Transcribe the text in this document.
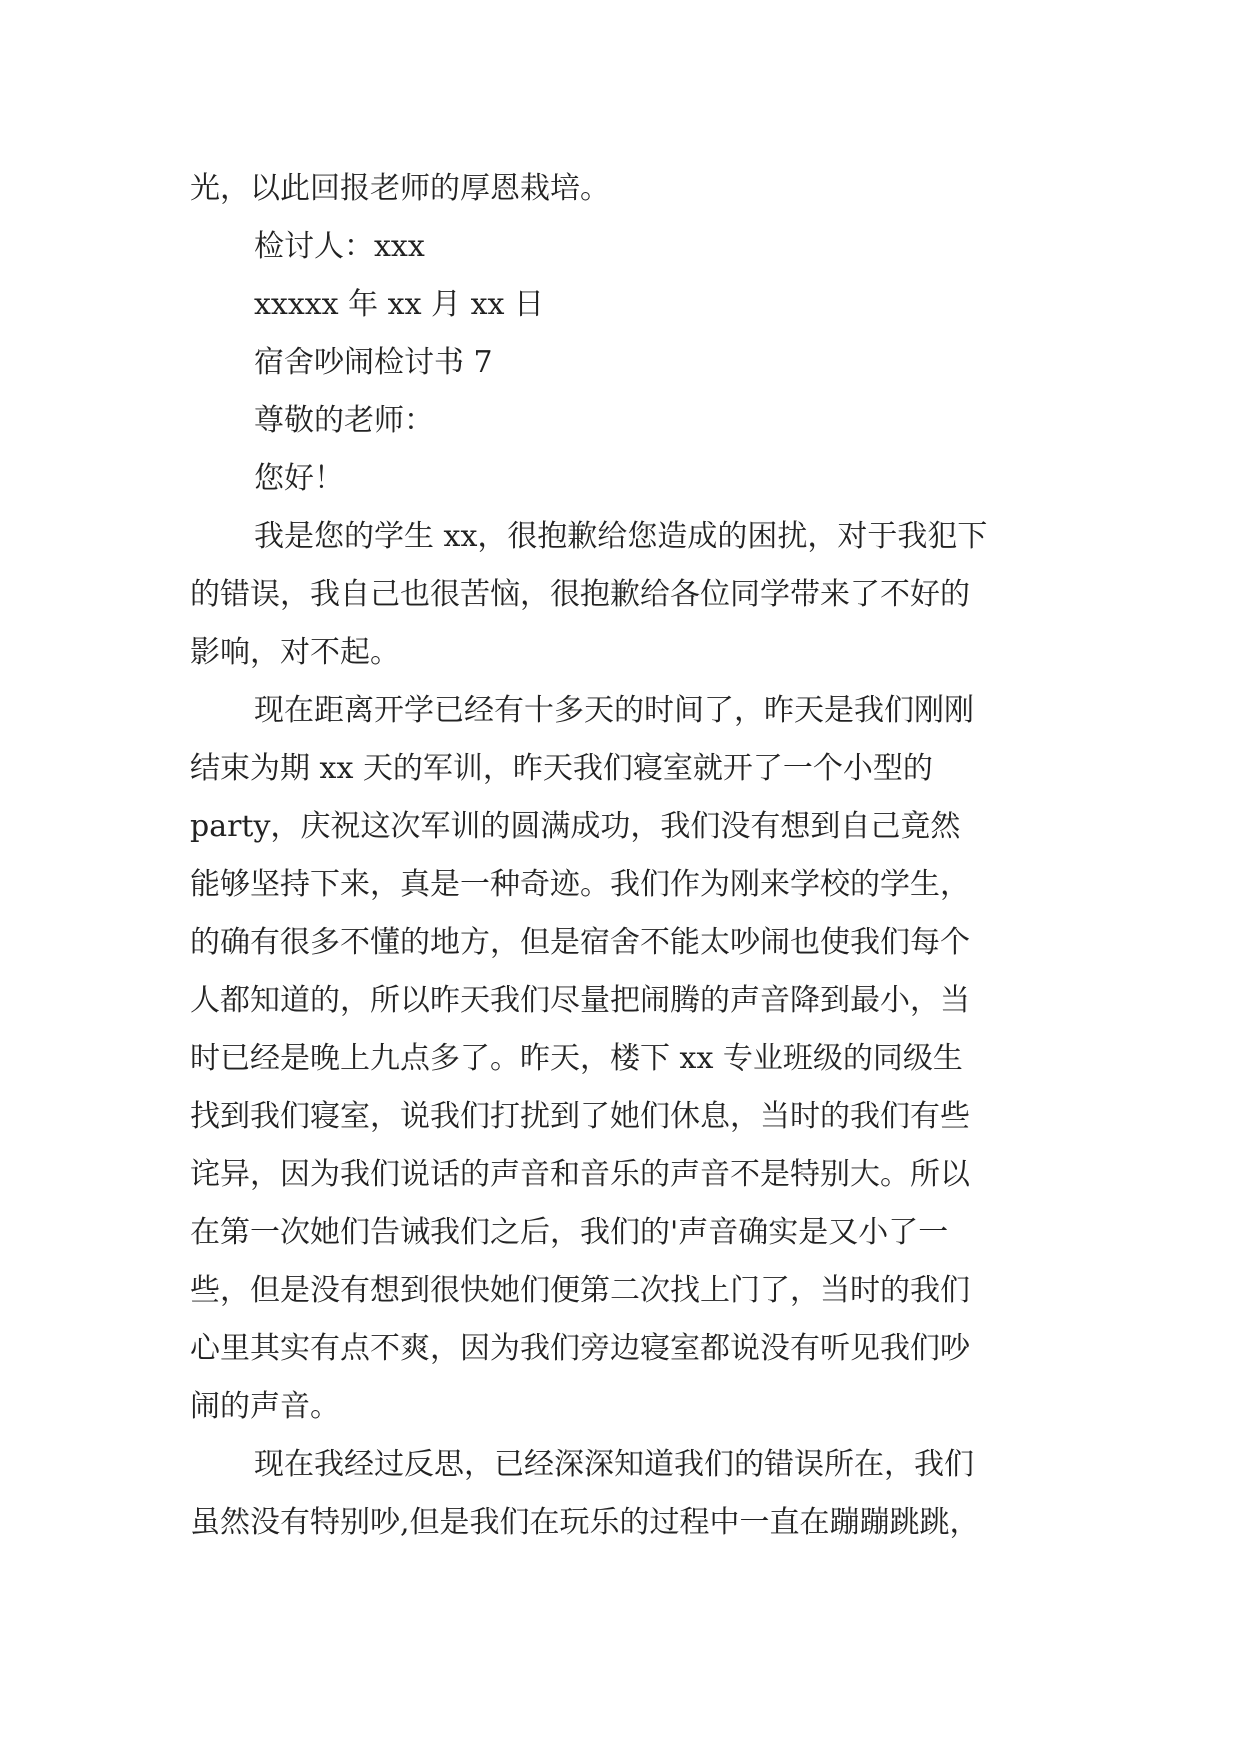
光，以此回报老师的厚恩栽培。
检讨人：xxx
xxxxx 年 xx 月 xx 日
宿舍吵闹检讨书 7
尊敬的老师：
您好！
我是您的学生 xx，很抱歉给您造成的困扰，对于我犯下
的错误，我自己也很苦恼，很抱歉给各位同学带来了不好的
影响，对不起。
现在距离开学已经有十多天的时间了，昨天是我们刚刚
结束为期 xx 天的军训，昨天我们寝室就开了一个小型的
party，庆祝这次军训的圆满成功，我们没有想到自己竟然
能够坚持下来，真是一种奇迹。我们作为刚来学校的学生，
的确有很多不懂的地方，但是宿舍不能太吵闹也使我们每个
人都知道的，所以昨天我们尽量把闹腾的声音降到最小，当
时已经是晚上九点多了。昨天，楼下 xx 专业班级的同级生
找到我们寝室，说我们打扰到了她们休息，当时的我们有些
诧异，因为我们说话的声音和音乐的声音不是特别大。所以
在第一次她们告诫我们之后，我们的'声音确实是又小了一
些，但是没有想到很快她们便第二次找上门了，当时的我们
心里其实有点不爽，因为我们旁边寝室都说没有听见我们吵
闹的声音。
现在我经过反思，已经深深知道我们的错误所在，我们
虽然没有特别吵,但是我们在玩乐的过程中一直在蹦蹦跳跳，
